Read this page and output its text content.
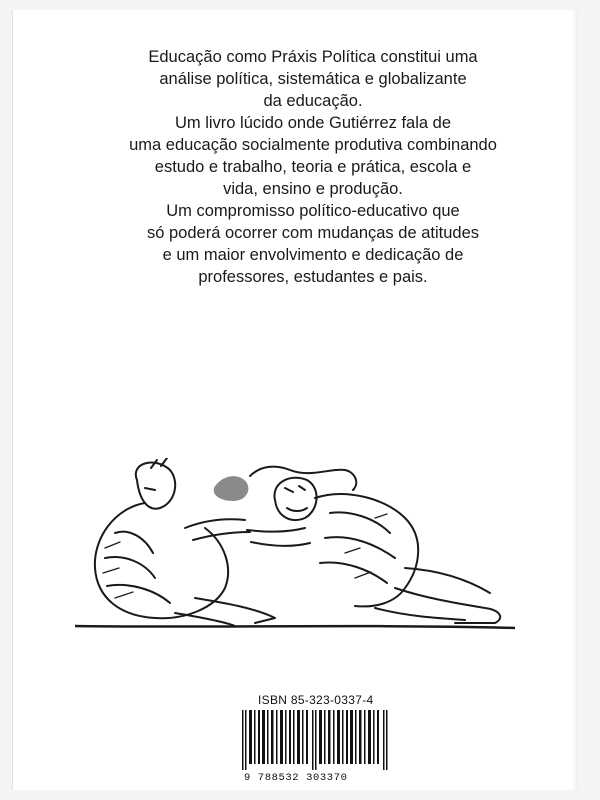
Educação como Práxis Política constitui uma

análise política, sistemática e globalizante

da educação.

Um livro lúcido onde Gutiérrez fala de

uma educação socialmente produtiva combinando

estudo e trabalho, teoria e prática, escola e

vida, ensino e produção.

Um compromisso político-educativo que

só poderá ocorrer com mudanças de atitudes

e um maior envolvimento e dedicação de

professores, estudantes e pais.

ISBN 85-323-0337-4
9 788532 303370
